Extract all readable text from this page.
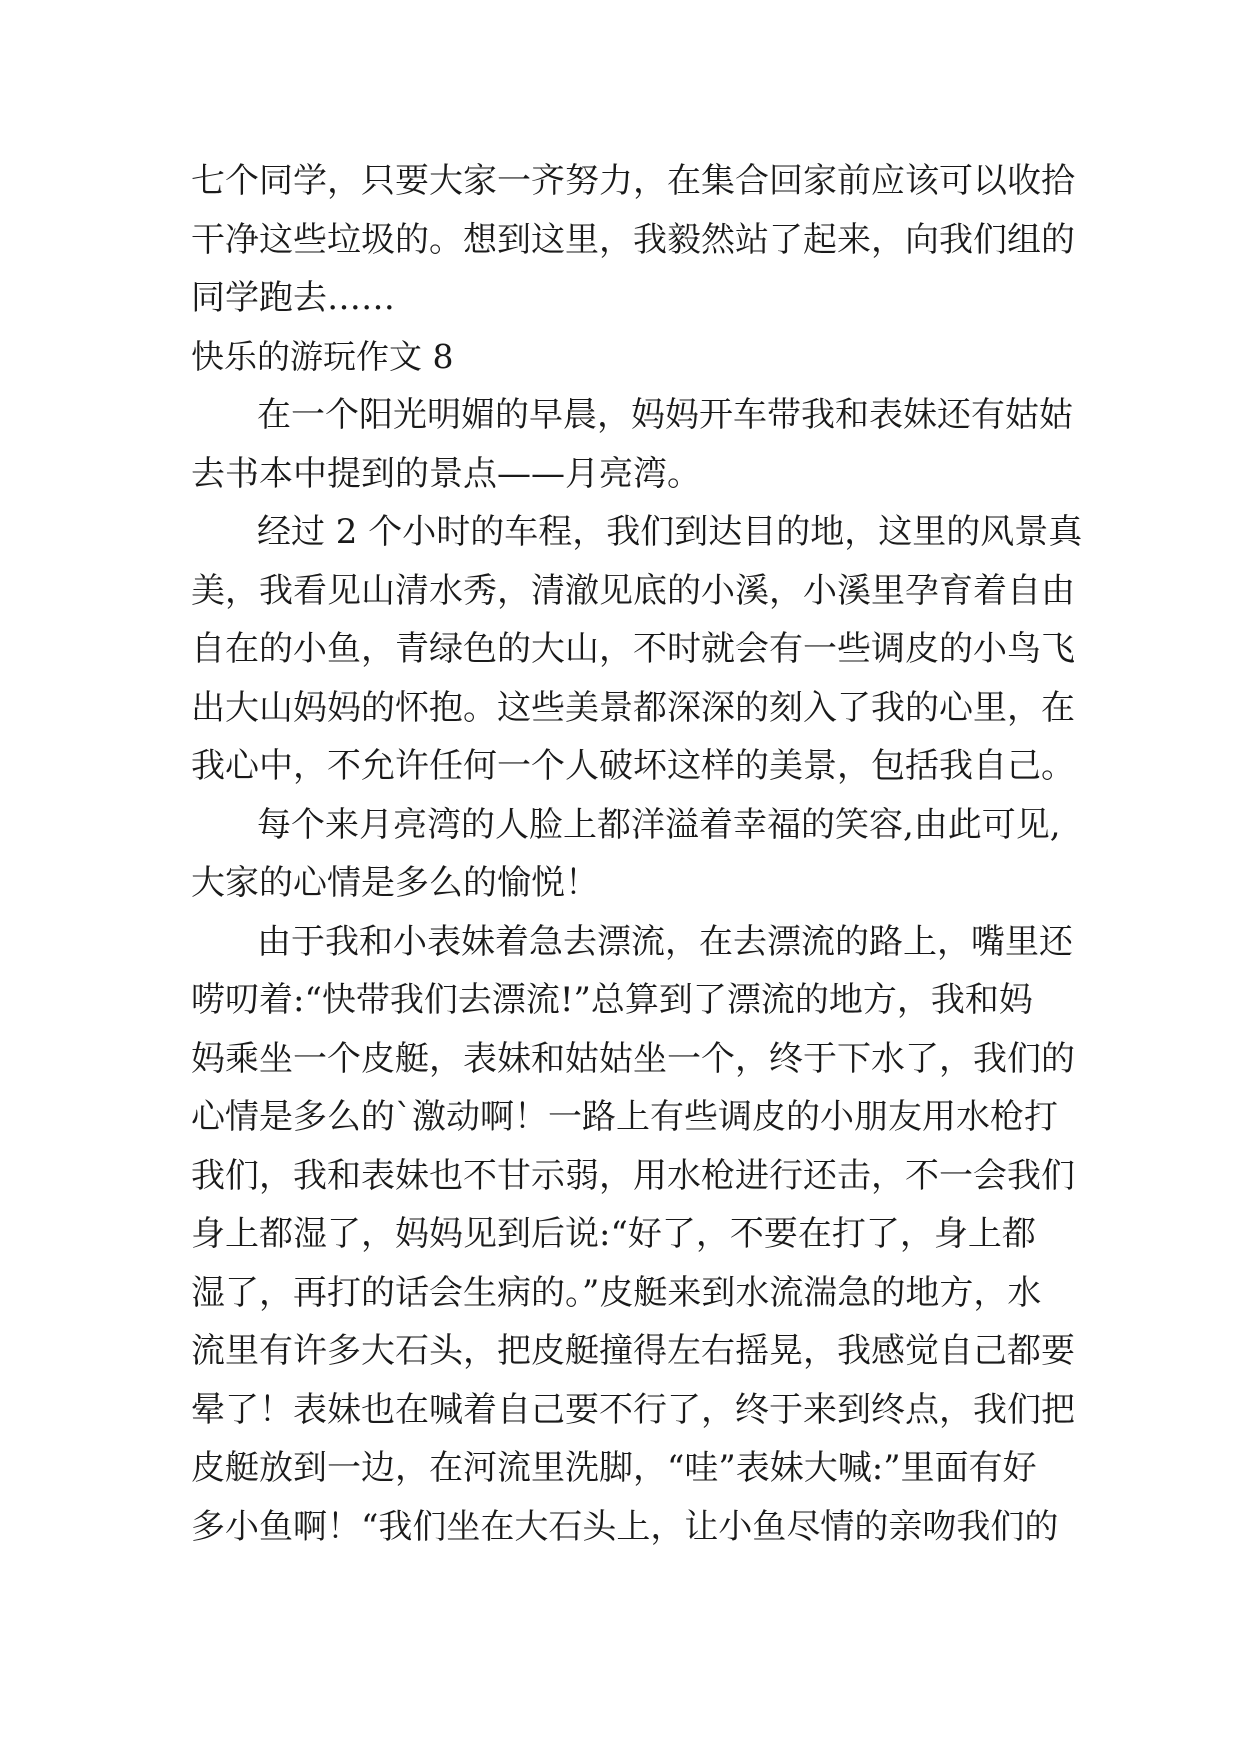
七个同学，只要大家一齐努力，在集合回家前应该可以收拾
干净这些垃圾的。想到这里，我毅然站了起来，向我们组的
同学跑去……
快乐的游玩作文 8
在一个阳光明媚的早晨，妈妈开车带我和表妹还有姑姑
去书本中提到的景点——月亮湾。
经过 2 个小时的车程，我们到达目的地，这里的风景真
美，我看见山清水秀，清澈见底的小溪，小溪里孕育着自由
自在的小鱼，青绿色的大山，不时就会有一些调皮的小鸟飞
出大山妈妈的怀抱。这些美景都深深的刻入了我的心里，在
我心中，不允许任何一个人破坏这样的美景，包括我自己。
每个来月亮湾的人脸上都洋溢着幸福的笑容,由此可见,
大家的心情是多么的愉悦！
由于我和小表妹着急去漂流，在去漂流的路上，嘴里还
唠叨着:“快带我们去漂流!”总算到了漂流的地方，我和妈
妈乘坐一个皮艇，表妹和姑姑坐一个，终于下水了，我们的
心情是多么的`激动啊！一路上有些调皮的小朋友用水枪打
我们，我和表妹也不甘示弱，用水枪进行还击，不一会我们
身上都湿了，妈妈见到后说:“好了，不要在打了，身上都
湿了，再打的话会生病的。”皮艇来到水流湍急的地方，水
流里有许多大石头，把皮艇撞得左右摇晃，我感觉自己都要
晕了！表妹也在喊着自己要不行了，终于来到终点，我们把
皮艇放到一边，在河流里洗脚，“哇”表妹大喊:”里面有好
多小鱼啊！“我们坐在大石头上，让小鱼尽情的亲吻我们的
